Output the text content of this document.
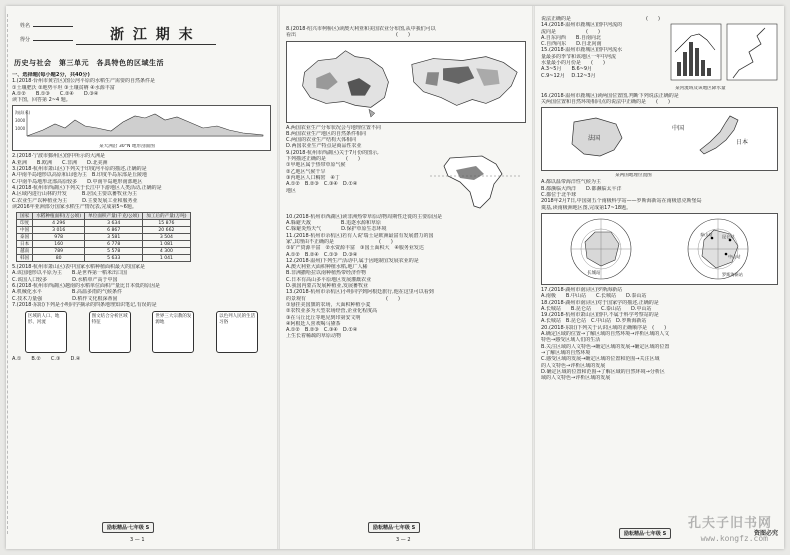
姓名
得分	浙 江 期 末
历史与社会　第三单元　各具特色的区域生活
一、选择题(每小题2分，共40分)
1.(2018·台州市黄岩区)图公河平原的水稻生产需要的自然条件是
①土壤肥沃 ②地势平坦 ③土壤贫瘠 ④水源丰富
A.①②　　B.①③　　C.②④　　D.③④
读下图，回答第 2~4 题。
海拔(米)
3000
1000
某大洲沿 30°N 地形剖面图
2.(2018·宁波市鄞州区)图中所示的大洲是
A.亚洲　　B.欧洲　　C.非洲　　D.北美洲
3.(2018·杭州市萧山区)下列关于印度河平原的描述,正确的是
A.中南半岛地形以高原和山地为主　B.印度半岛东部是丘陵地
C.中南半岛地形北部高原较多　　D.中南半岛地形南部地区
4.(2018·杭州市西湖区)下列关于长江中下游地区人类活动,正确的是
A.区域内进行山林的开发　　　B.居民主要以畜牧业为主
C.农业生产以种植业为主　　　D.主要发展工业和服务业
读2016年亚洲部分国家水稻生产情况表,完成第5~6题。
国家	水稻种植面积(万公顷)	单位面积产量(千克/公顷)	加工后的产量(万吨)
印度	4 296	3 634	15 876
中国	3 016	6 867	20 662
泰国	978	3 581	3 504
日本	160	6 778	1 081
越南	789	5 578	4 300
韩国	80	5 633	1 041
5.(2018·杭州市萧山区)表中国家水稻种植面积最大的国家是
A.该国地形以平原为主　　B.是世界第一稻米出口国
C.该国人口较多　　　　　D.水稻单产高于中国
6.(2018·杭州市西湖区)越南的水稻单位面积产量比日本低的原因是
A.机械化水平　　　　　　B.高温多雨的气候条件
C.技术力量强　　　　　　D.稻作文化根深蒂固
7.(2018·东阳)下列是小明同学摘录的四条地理知识笔记,有误的是
区域的人口、地形、河流
图文结合分析区域特征
世界三大宗教的发源地
以色列人民的生活习俗
A.①　　B.②　　C.③　　D.④
励耘精品·七年级 S
3 — 1
8.(2018·绍兴市柯桥区)读澳大利亚和美国农业分布图,从中我们可以
看出　　　　　　　　　　　　　　　　　　　　(　　)
A.两国农业生产分布状况会与地理位置不同
B.两国农业生产地区的自然条件相同
C.两国的农业生产结构大体相同
D.两国农业生产特点是商品性农业
9.(2018·杭州市西湖区)关于7月份的图示,
下列描述正确的是　　　　(　　)
①甲地区属于热带草原气候
②乙地区气候干旱
③丙地区人口稠密　④丁
A.①②　B.②③　C.③④　D.①④
地区
10.(2018·杭州市西湖区)读非洲热带草原动物周期性迁徙的主要原因是
A.躲避天敌　　　　　　B.追逐水源和草原
C.躲避炎热天气　　　　D.保护草原生态环境
11.(2018·杭州市余杭区)若有人说'瑞士是欧洲最富有发展潜力的国
家',其理由不正确的是　　　　　　　　　(　　)
①矿产资源丰富　②水资源丰富　③国土面积大　④服务业发达
A.①②　B.②④　C.①③　D.③④
12.(2018·温州)下列生产活动中,属于因地制宜发展农业的是
A.澳大利亚大面积种植水稻,地广人稀
B.非洲撒哈拉以南种植热带经济作物
C.日本有高山多平原地区发展灌溉农业
D.我国内蒙古发展种植业,发展畜牧业
13.(2018·杭州市余杭区)小明同学到阿根廷旅行,他在这里可以看到
的景观有　　　　　　　　　　　　　　　　(　　)
①悬挂美国旗的农场，大面积种植小麦
②农牧业多为大型农场经营,企业化程度高
③在马丘比丘等地见到印第安文明
④阿根廷人喜欢喝马黛茶
A.①②　B.②③　C.③④　D.①④
上生长着稀疏的草原动物
励耘精品·七年级 S
3 — 2
说法正确的是　　　　　　　　　　　　　　　(　　)
14.(2018·温州市鹿城区)图中河流的
流向是　　　　　　(　　)
A.自东向西　　B.自南向北
C.自西向东　　D.自北向南
15.(2018·温州市鹿城区)图中河流水
量最多的季节和该地区一年中河流
水量最小的月份是　　(　　)
A.3~5月　　B.6~9月
C.9~12月　 D.12~3月
某河流域及该地区降水量
16.(2018·温州市鹿城区)读两国位置图,判断下列说法正确的是
关两国位置和自然环境相同点的说法中正确的是　　(　　)
法国
日本
中国
某两国地理位置图
A.都以温带海洋性气候为主
B.都濒临大西洋　　D.都濒临太平洋
C.都位于北半球
2018年2月7日,中国第五个南极科学站——罗斯海新站在南极恩克斯堡岛
奠基,读南极洲地区图,完成第17~18题。
长城站
中山站
泰山站
罗斯海新站
昆仑站
17.(2018·湖州市南浔区)罗斯海新站
A.南极　　B.中山站　　C.长城站　　D.泰山站
18.(2018·湖州市南浔区)对于国家学的描述,正确的是
A.长城站　　B.昆仑站　　C.泰山站　　D.中山站
19.(2018·杭州市萧山区)图中,不属于科学考察站的是
A.长城站　B.昆仑站　C.中山站　D.罗斯海新站
20.(2018·东阳)下列关于认识区域的正确顺序是　(　　)
A.确定区域的位置→了解区域的自然环境→评析区域的人文
特色→感受区域人们的生活
B.关注区域的人文特色→确定区域的发展→确定区域的位置
→了解区域的自然环境
C.感受区域的发展→确定区域的位置和范围→关注区域
的人文特色→评析区域的发展
D.确定区域的位置和范围→了解区域的自然环境→分析区
域的人文特色→评析区域的发展
励耘精品·七年级 S
孔夫子旧书网
www.kongfz.com
资图必究
